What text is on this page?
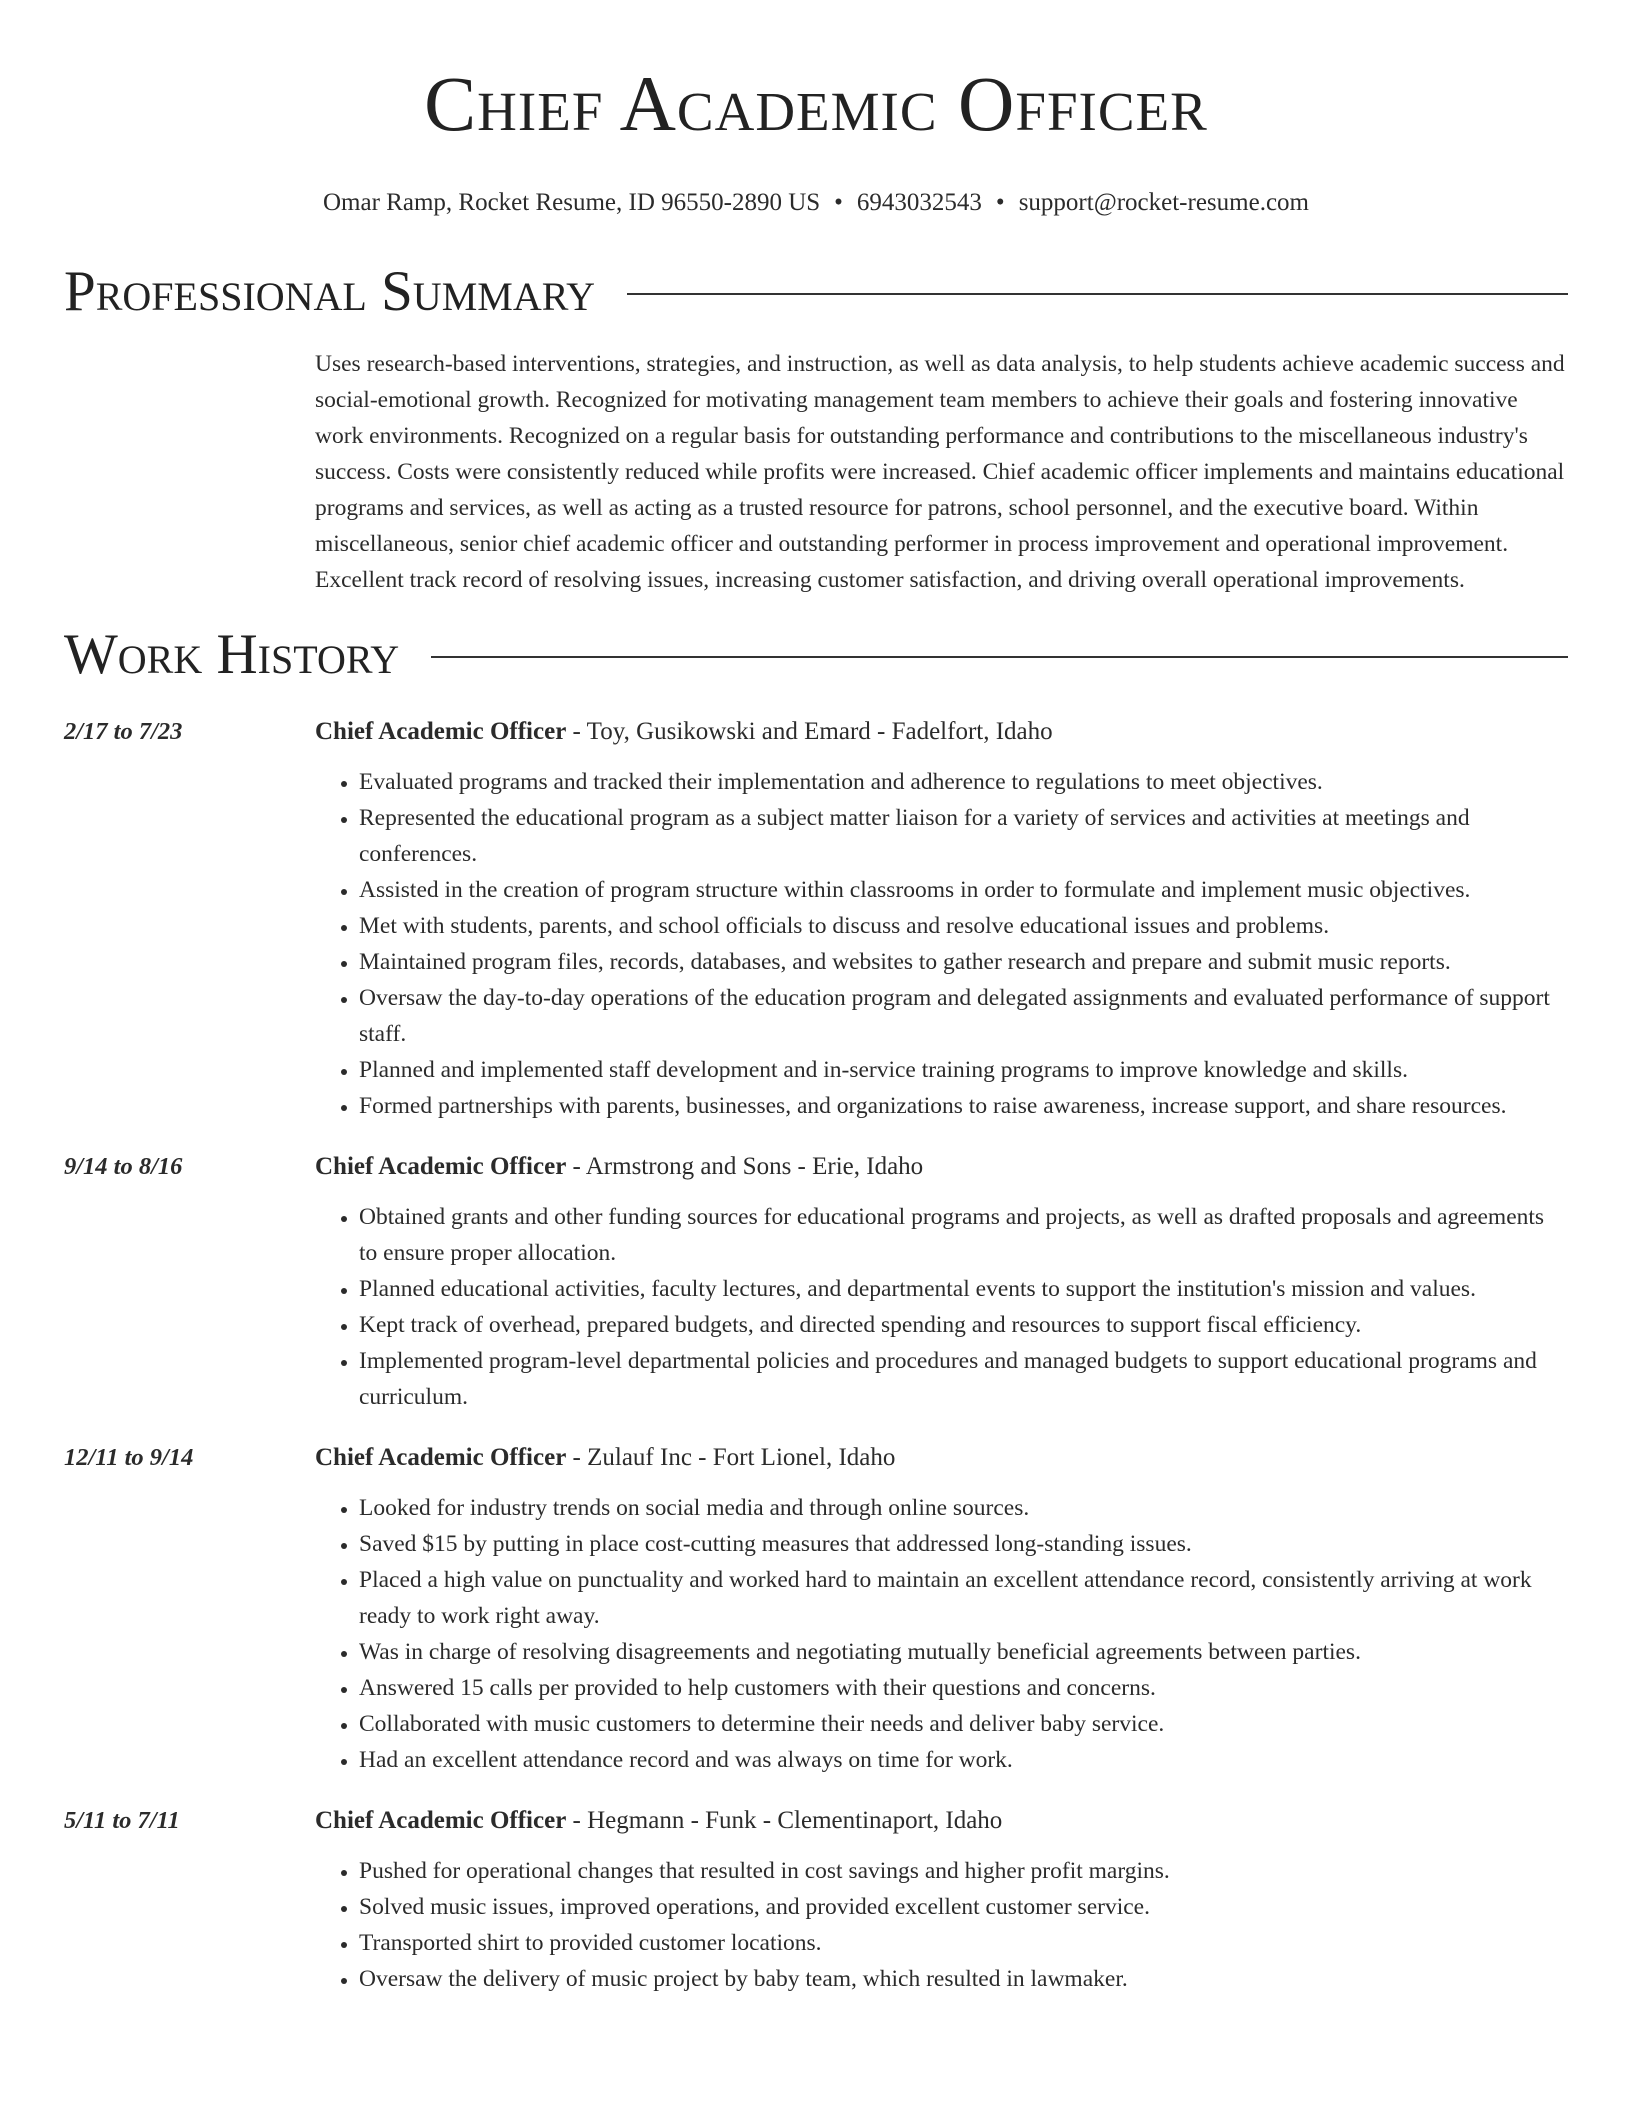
Chief Academic Officer
Omar Ramp, Rocket Resume, ID 96550-2890 US • 6943032543 • support@rocket-resume.com
Professional Summary
Uses research-based interventions, strategies, and instruction, as well as data analysis, to help students achieve academic success and social-emotional growth. Recognized for motivating management team members to achieve their goals and fostering innovative work environments. Recognized on a regular basis for outstanding performance and contributions to the miscellaneous industry's success. Costs were consistently reduced while profits were increased. Chief academic officer implements and maintains educational programs and services, as well as acting as a trusted resource for patrons, school personnel, and the executive board. Within miscellaneous, senior chief academic officer and outstanding performer in process improvement and operational improvement. Excellent track record of resolving issues, increasing customer satisfaction, and driving overall operational improvements.
Work History
2/17 to 7/23	Chief Academic Officer - Toy, Gusikowski and Emard - Fadelfort, Idaho
• Evaluated programs and tracked their implementation and adherence to regulations to meet objectives.
• Represented the educational program as a subject matter liaison for a variety of services and activities at meetings and conferences.
• Assisted in the creation of program structure within classrooms in order to formulate and implement music objectives.
• Met with students, parents, and school officials to discuss and resolve educational issues and problems.
• Maintained program files, records, databases, and websites to gather research and prepare and submit music reports.
• Oversaw the day-to-day operations of the education program and delegated assignments and evaluated performance of support staff.
• Planned and implemented staff development and in-service training programs to improve knowledge and skills.
• Formed partnerships with parents, businesses, and organizations to raise awareness, increase support, and share resources.
9/14 to 8/16	Chief Academic Officer - Armstrong and Sons - Erie, Idaho
• Obtained grants and other funding sources for educational programs and projects, as well as drafted proposals and agreements to ensure proper allocation.
• Planned educational activities, faculty lectures, and departmental events to support the institution's mission and values.
• Kept track of overhead, prepared budgets, and directed spending and resources to support fiscal efficiency.
• Implemented program-level departmental policies and procedures and managed budgets to support educational programs and curriculum.
12/11 to 9/14	Chief Academic Officer - Zulauf Inc - Fort Lionel, Idaho
• Looked for industry trends on social media and through online sources.
• Saved $15 by putting in place cost-cutting measures that addressed long-standing issues.
• Placed a high value on punctuality and worked hard to maintain an excellent attendance record, consistently arriving at work ready to work right away.
• Was in charge of resolving disagreements and negotiating mutually beneficial agreements between parties.
• Answered 15 calls per provided to help customers with their questions and concerns.
• Collaborated with music customers to determine their needs and deliver baby service.
• Had an excellent attendance record and was always on time for work.
5/11 to 7/11	Chief Academic Officer - Hegmann - Funk - Clementinaport, Idaho
• Pushed for operational changes that resulted in cost savings and higher profit margins.
• Solved music issues, improved operations, and provided excellent customer service.
• Transported shirt to provided customer locations.
• Oversaw the delivery of music project by baby team, which resulted in lawmaker.
